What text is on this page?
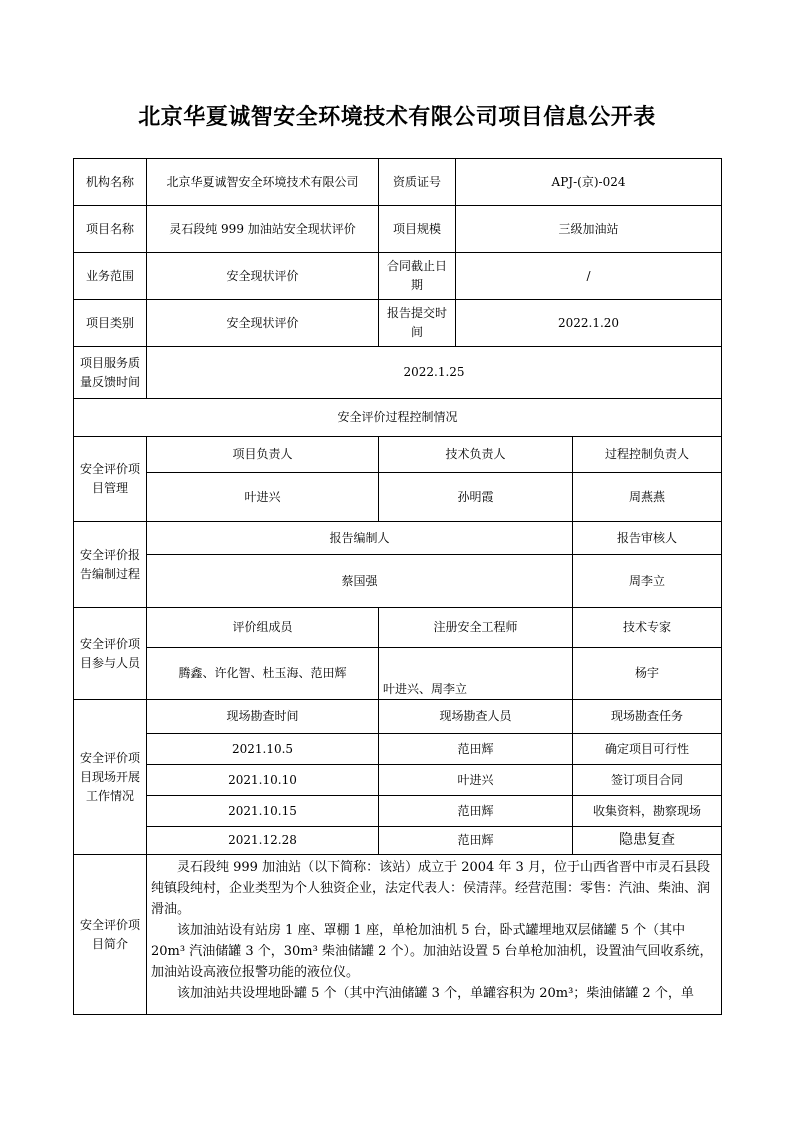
北京华夏诚智安全环境技术有限公司项目信息公开表
机构名称	北京华夏诚智安全环境技术有限公司	资质证号	APJ-(京)-024	
项目名称	灵石段纯 999 加油站安全现状评价	项目规模	三级加油站	
业务范围	安全现状评价	合同截止日期	/	
项目类别	安全现状评价	报告提交时间	2022.1.20	
项目服务质量反馈时间	2022.1.25			
安全评价过程控制情况				
安全评价项目管理	项目负责人	技术负责人		过程控制负责人
	叶进兴	孙明霞		周燕燕
安全评价报告编制过程	报告编制人			报告审核人
	蔡国强			周李立
安全评价项目参与人员	评价组成员	注册安全工程师		技术专家
	腾鑫、许化智、杜玉海、范田辉	叶进兴、周李立		杨宇
安全评价项目现场开展工作情况	现场勘查时间	现场勘查人员		现场勘查任务
	2021.10.5	范田辉		确定项目可行性
	2021.10.10	叶进兴		签订项目合同
	2021.10.15	范田辉		收集资料，勘察现场
	2021.12.28	范田辉		隐患复查
安全评价项目简介	灵石段纯 999 加油站（以下简称：该站）成立于 2004 年 3 月，位于山西省晋中市灵石县段纯镇段纯村，企业类型为个人独资企业，法定代表人：侯清萍。经营范围：零售：汽油、柴油、润滑油。

该加油站设有站房 1 座、罩棚 1 座，单枪加油机 5 台，卧式罐埋地双层储罐 5 个（其中 20m³ 汽油储罐 3 个，30m³ 柴油储罐 2 个）。加油站设置 5 台单枪加油机，设置油气回收系统，加油站设高液位报警功能的液位仪。

该加油站共设埋地卧罐 5 个（其中汽油储罐 3 个，单罐容积为 20m³；柴油储罐 2 个，单			
